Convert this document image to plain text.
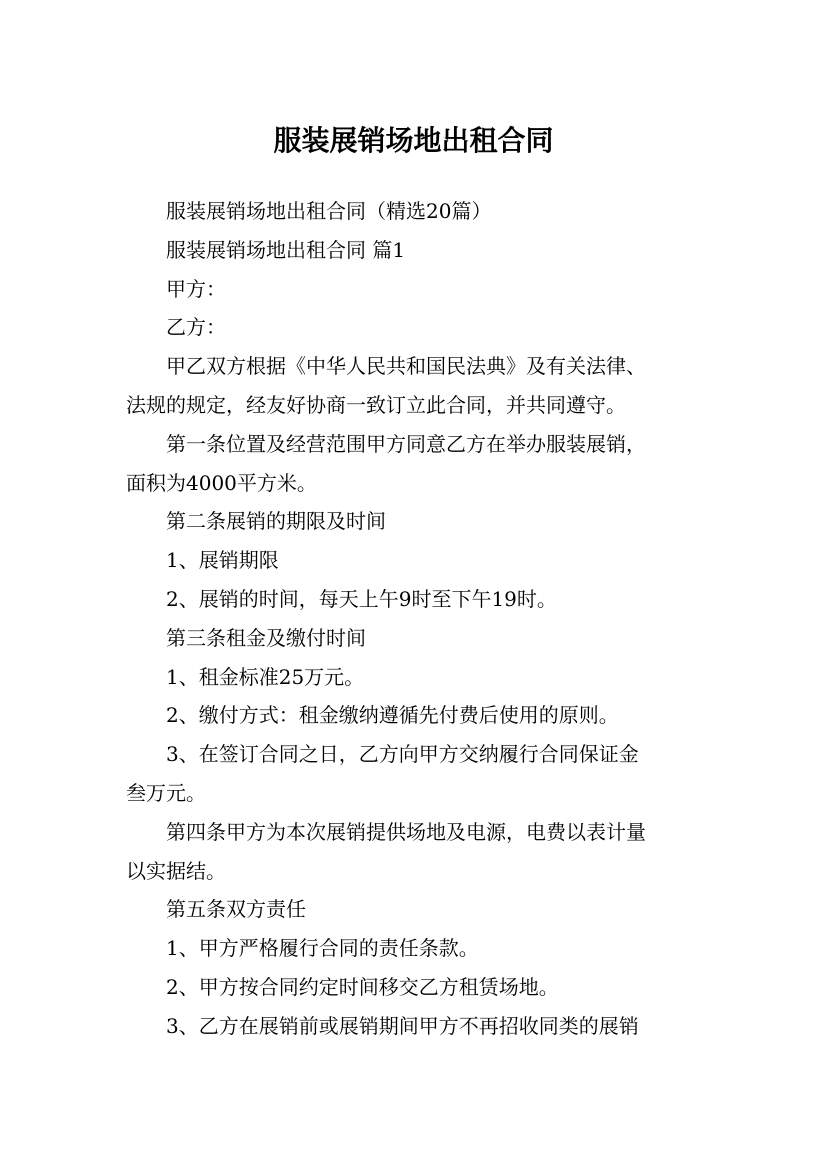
服装展销场地出租合同

服装展销场地出租合同（精选20篇）

服装展销场地出租合同 篇1

甲方：

乙方：

甲乙双方根据《中华人民共和国民法典》及有关法律、
法规的规定，经友好协商一致订立此合同，并共同遵守。

第一条位置及经营范围甲方同意乙方在举办服装展销，
面积为4000平方米。

第二条展销的期限及时间

1、展销期限

2、展销的时间，每天上午9时至下午19时。

第三条租金及缴付时间

1、租金标准25万元。

2、缴付方式：租金缴纳遵循先付费后使用的原则。

3、在签订合同之日，乙方向甲方交纳履行合同保证金
叁万元。

第四条甲方为本次展销提供场地及电源，电费以表计量
以实据结。

第五条双方责任

1、甲方严格履行合同的责任条款。

2、甲方按合同约定时间移交乙方租赁场地。

3、乙方在展销前或展销期间甲方不再招收同类的展销
